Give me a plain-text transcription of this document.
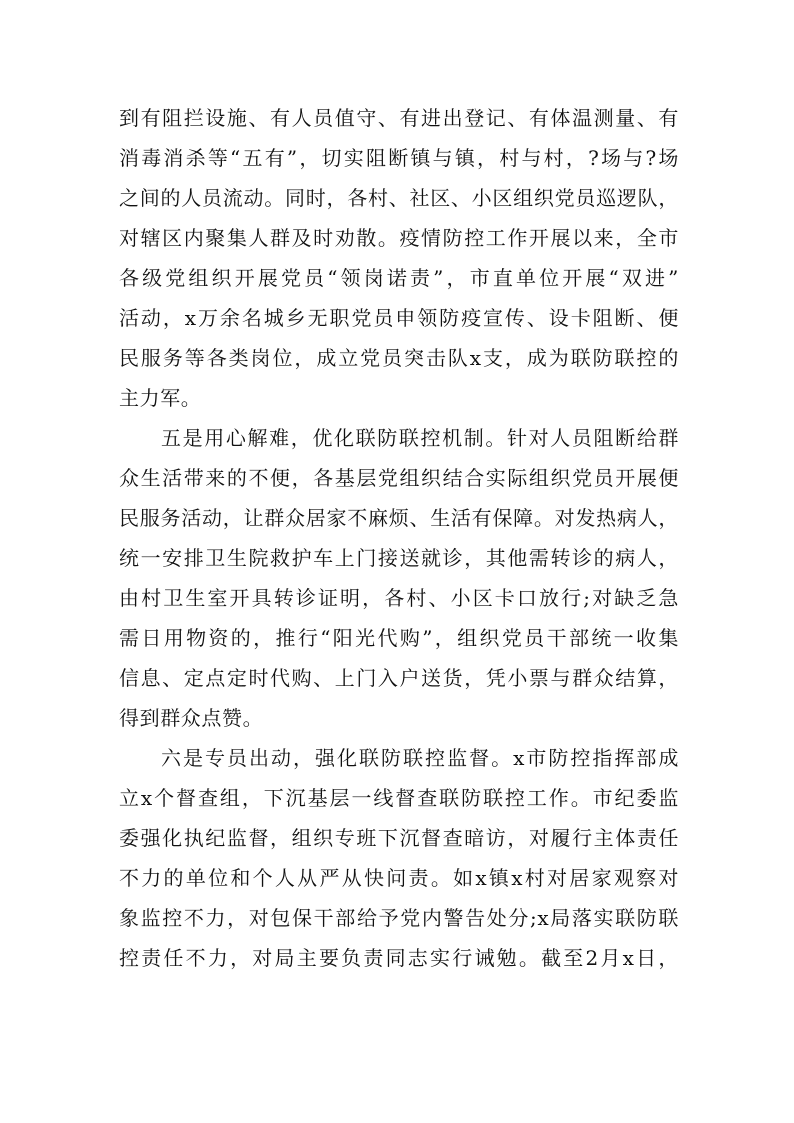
到有阻拦设施、有人员值守、有进出登记、有体温测量、有

消毒消杀等“五有”，切实阻断镇与镇，村与村，?场与?场

之间的人员流动。同时，各村、社区、小区组织党员巡逻队，

对辖区内聚集人群及时劝散。疫情防控工作开展以来，全市

各级党组织开展党员“领岗诺责”，市直单位开展“双进”

活动，x万余名城乡无职党员申领防疫宣传、设卡阻断、便

民服务等各类岗位，成立党员突击队x支，成为联防联控的

主力军。

五是用心解难，优化联防联控机制。针对人员阻断给群

众生活带来的不便，各基层党组织结合实际组织党员开展便

民服务活动，让群众居家不麻烦、生活有保障。对发热病人，

统一安排卫生院救护车上门接送就诊，其他需转诊的病人，

由村卫生室开具转诊证明，各村、小区卡口放行;对缺乏急

需日用物资的，推行“阳光代购”，组织党员干部统一收集

信息、定点定时代购、上门入户送货，凭小票与群众结算，

得到群众点赞。

六是专员出动，强化联防联控监督。x市防控指挥部成

立x个督查组，下沉基层一线督查联防联控工作。市纪委监

委强化执纪监督，组织专班下沉督查暗访，对履行主体责任

不力的单位和个人从严从快问责。如x镇x村对居家观察对

象监控不力，对包保干部给予党内警告处分;x局落实联防联

控责任不力，对局主要负责同志实行诫勉。截至2月x日，
